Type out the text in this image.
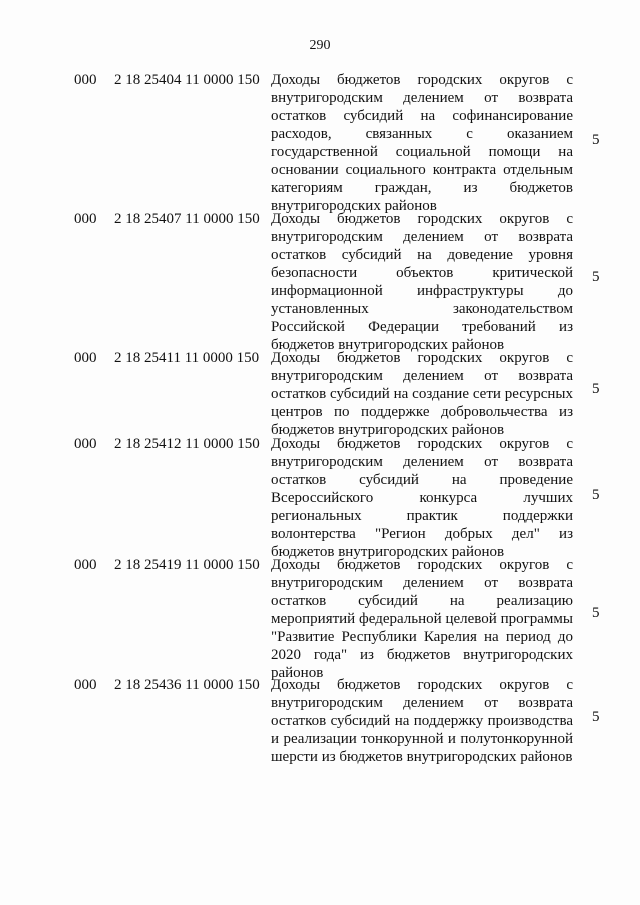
290
000 2 18 25404 11 0000 150 Доходы бюджетов городских округов с
внутригородским делением от возврата
остатков субсидий на софинансирование
расходов, связанных с оказанием
государственной социальной помощи на
основании социального контракта отдельным
категориям граждан, из бюджетов
внутригородских районов
5
000 2 18 25407 11 0000 150 Доходы бюджетов городских округов с
внутригородским делением от возврата
остатков субсидий на доведение уровня
безопасности объектов критической
информационной инфраструктуры до
установленных законодательством
Российской Федерации требований из
бюджетов внутригородских районов
5
000 2 18 25411 11 0000 150 Доходы бюджетов городских округов с
внутригородским делением от возврата
остатков субсидий на создание сети ресурсных
центров по поддержке добровольчества из
бюджетов внутригородских районов
5
000 2 18 25412 11 0000 150 Доходы бюджетов городских округов с
внутригородским делением от возврата
остатков субсидий на проведение
Всероссийского конкурса лучших
региональных практик поддержки
волонтерства "Регион добрых дел" из
бюджетов внутригородских районов
5
000 2 18 25419 11 0000 150 Доходы бюджетов городских округов с
внутригородским делением от возврата
остатков субсидий на реализацию
мероприятий федеральной целевой программы
"Развитие Республики Карелия на период до
2020 года" из бюджетов внутригородских
районов
5
000 2 18 25436 11 0000 150 Доходы бюджетов городских округов с
внутригородским делением от возврата
остатков субсидий на поддержку производства
и реализации тонкорунной и полутонкорунной
шерсти из бюджетов внутригородских районов
5
